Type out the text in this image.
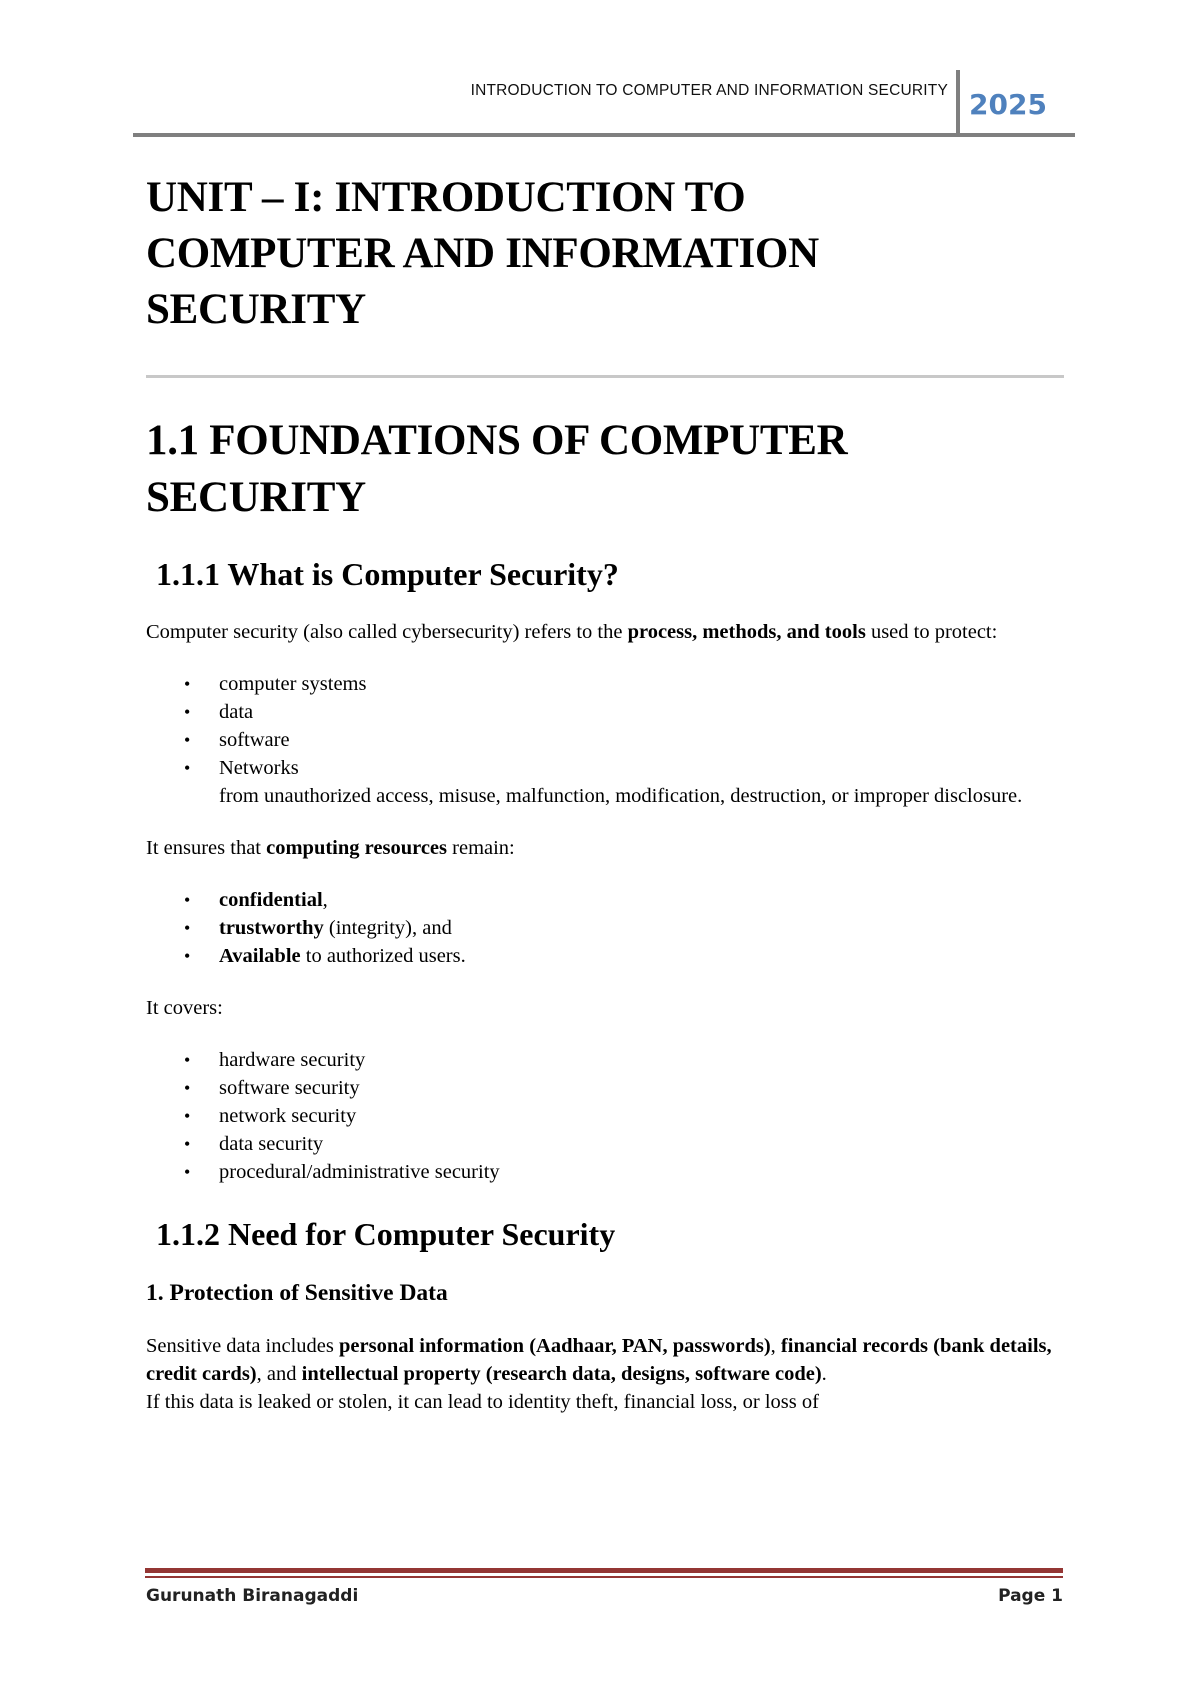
INTRODUCTION TO COMPUTER AND INFORMATION SECURITY 2025
UNIT – I: INTRODUCTION TO
COMPUTER AND INFORMATION
SECURITY
1.1 FOUNDATIONS OF COMPUTER
SECURITY
1.1.1 What is Computer Security?

Computer security (also called cybersecurity) refers to the process, methods, and tools used to protect:

• computer systems
• data
• software
• Networks
from unauthorized access, misuse, malfunction, modification, destruction, or improper disclosure.

It ensures that computing resources remain:

• confidential,
• trustworthy (integrity), and
• Available to authorized users.

It covers:

• hardware security
• software security
• network security
• data security
• procedural/administrative security
1.1.2 Need for Computer Security
1. Protection of Sensitive Data

Sensitive data includes personal information (Aadhaar, PAN, passwords), financial records (bank details, credit cards), and intellectual property (research data, designs, software code).
If this data is leaked or stolen, it can lead to identity theft, financial loss, or loss of

Gurunath Biranagaddi	Page 1
